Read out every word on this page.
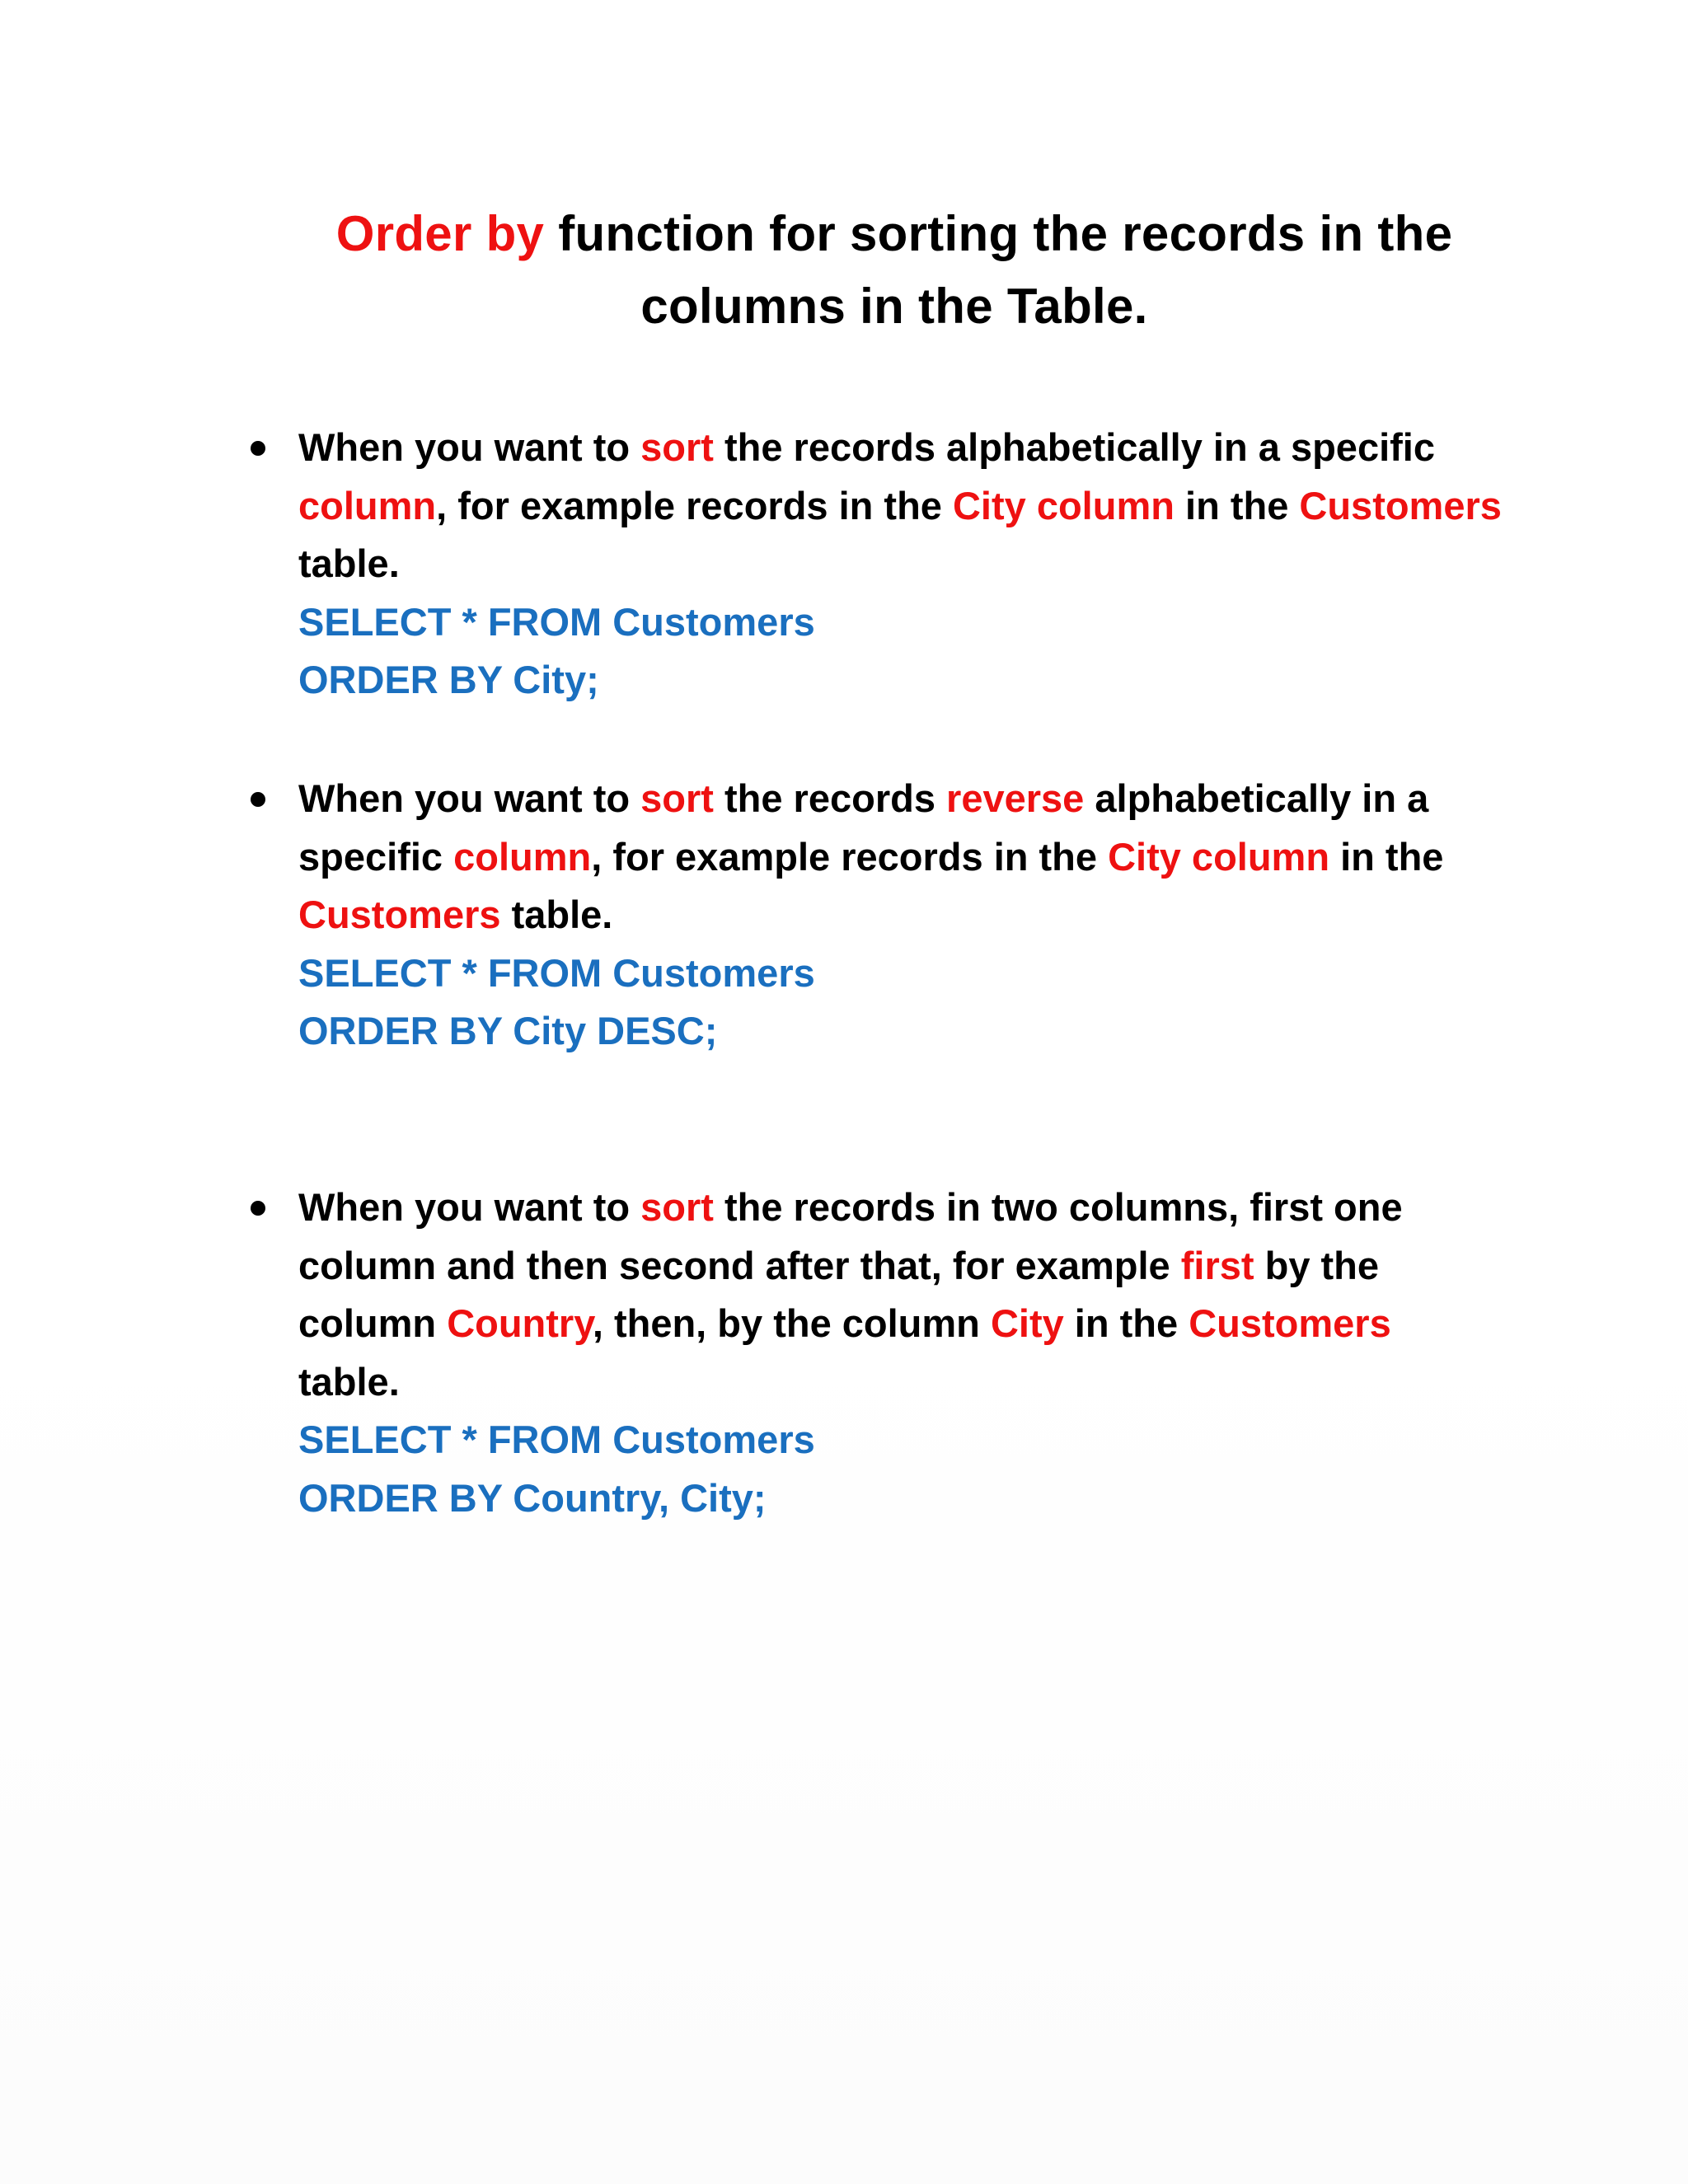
Order by function for sorting the records in the
columns in the Table.
When you want to sort the records alphabetically in a specific
column, for example records in the City column in the Customers
table.
SELECT * FROM Customers
ORDER BY City;
When you want to sort the records reverse alphabetically in a
specific column, for example records in the City column in the
Customers table.
SELECT * FROM Customers
ORDER BY City DESC;
When you want to sort the records in two columns, first one
column and then second after that, for example first by the
column Country, then, by the column City in the Customers
table.
SELECT * FROM Customers
ORDER BY Country, City;
